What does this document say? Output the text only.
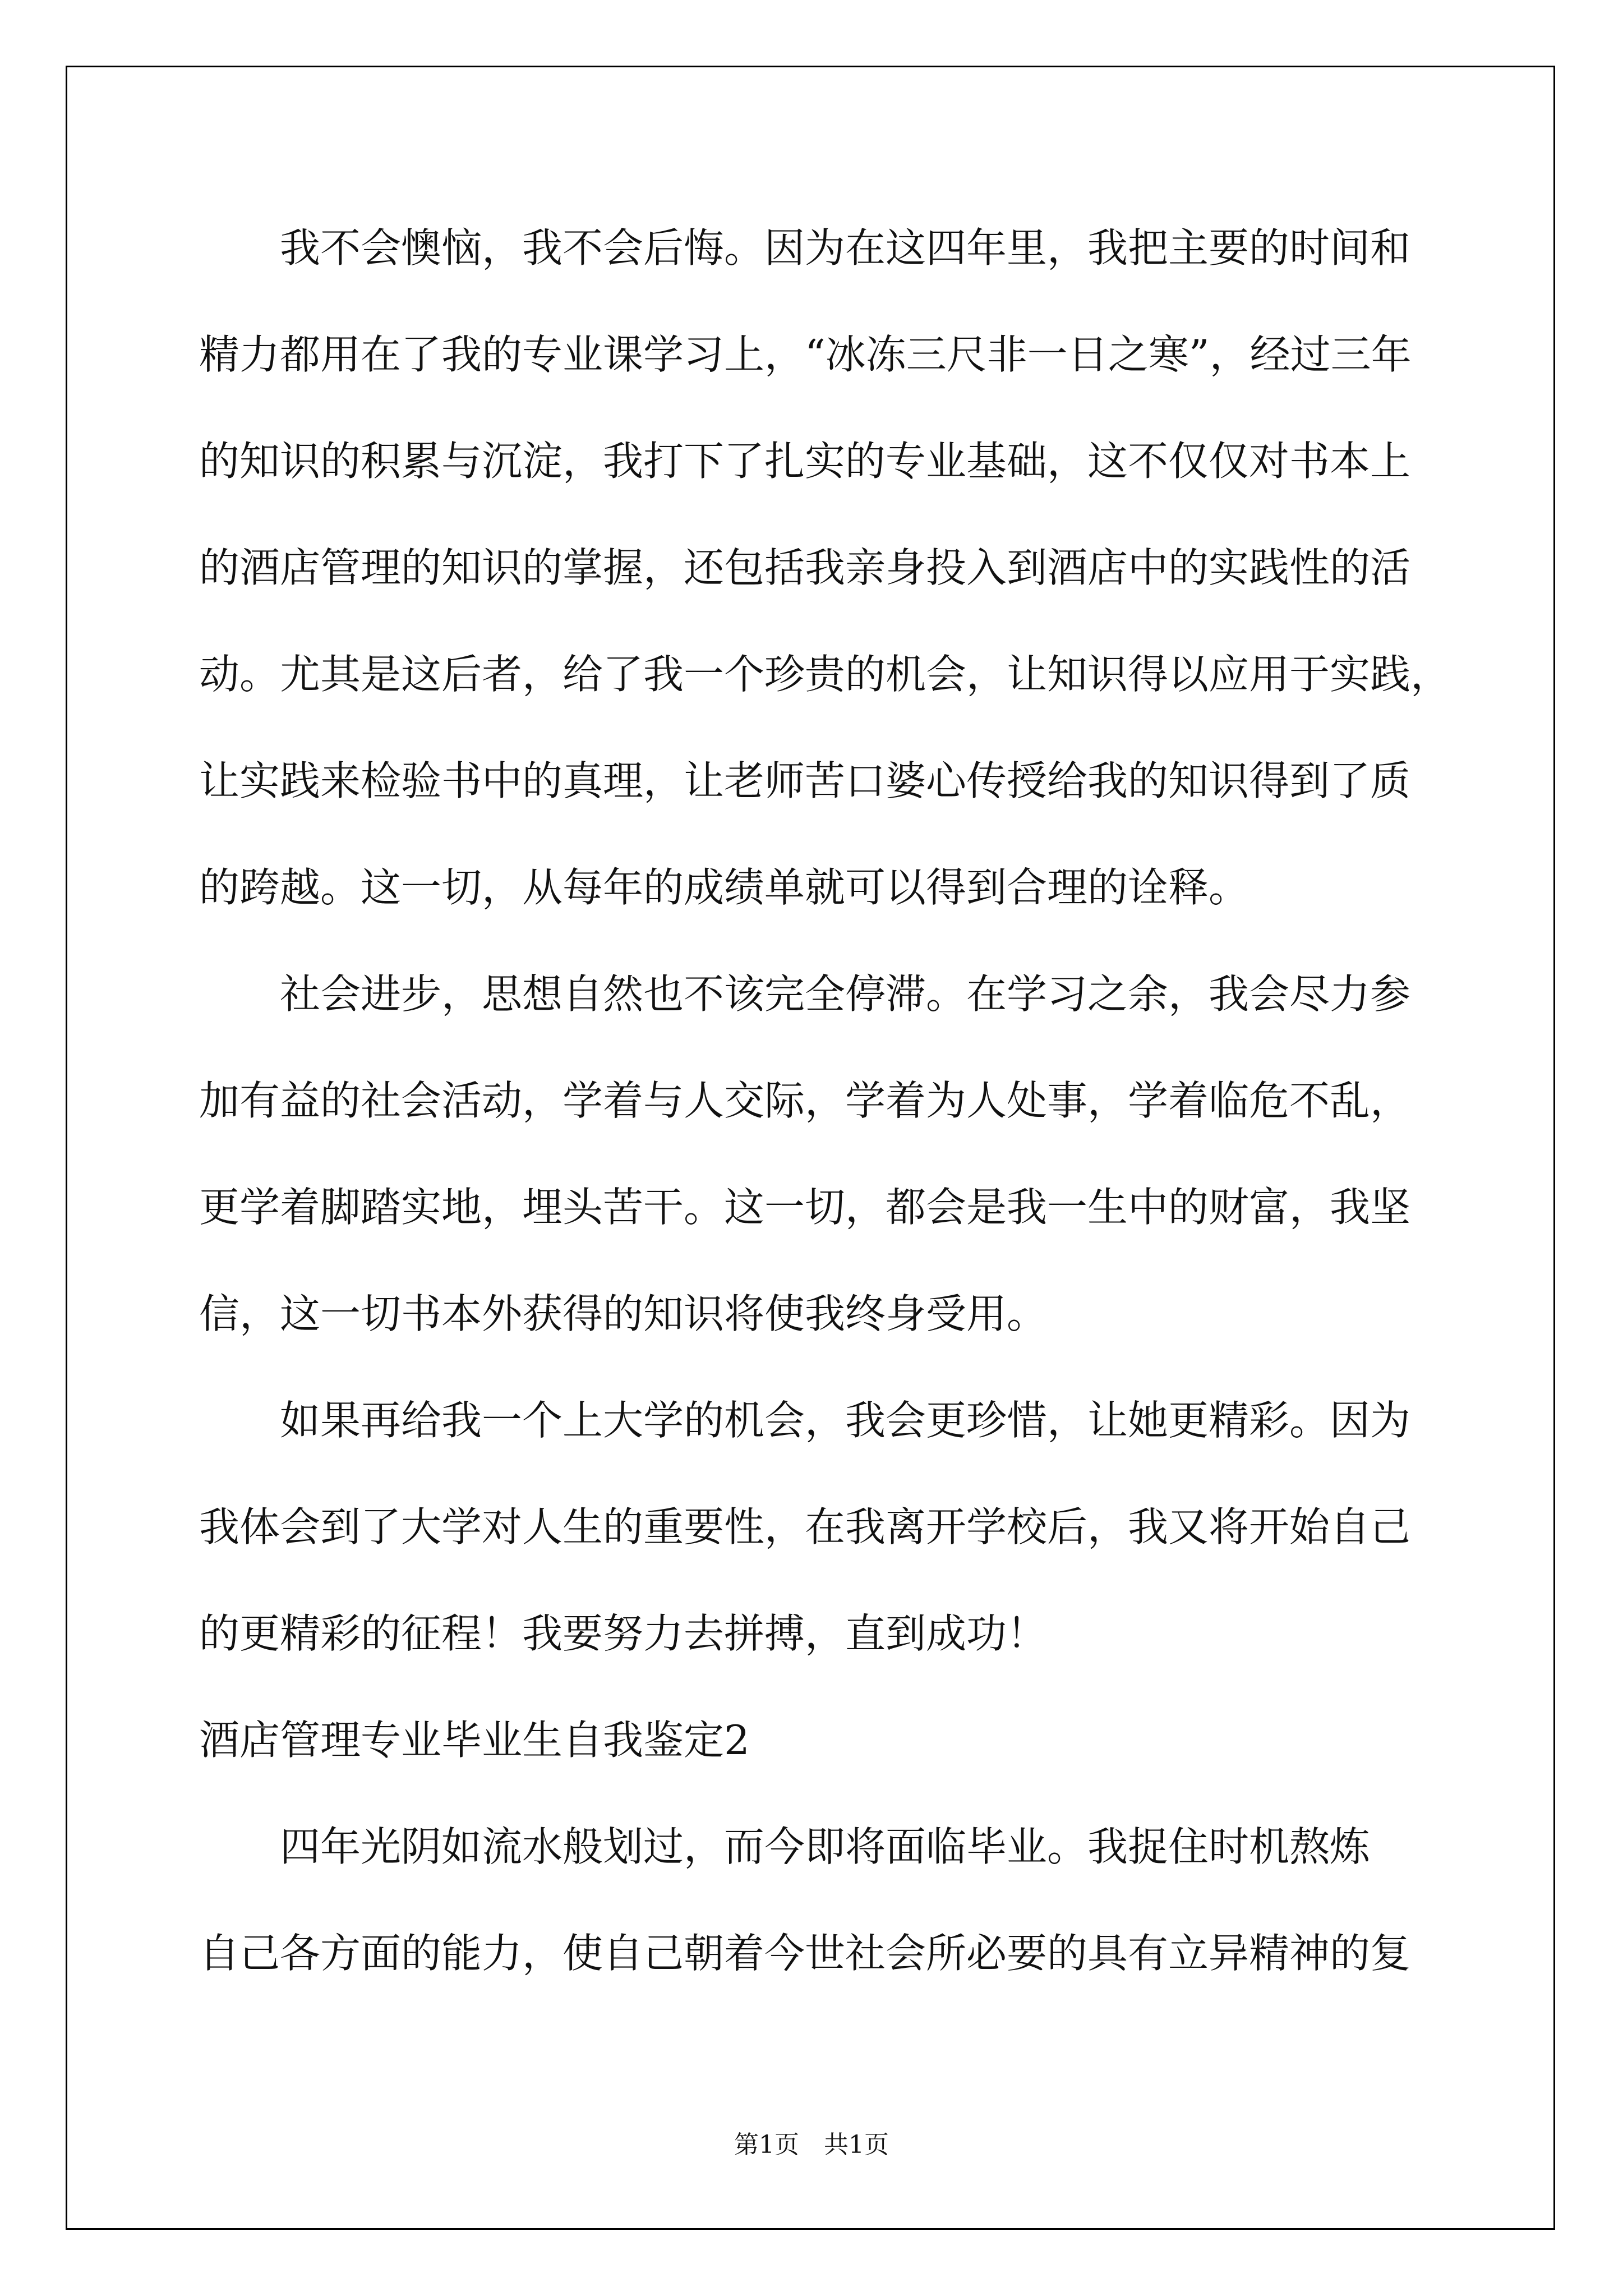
　　我不会懊恼，我不会后悔。因为在这四年里，我把主要的时间和
精力都用在了我的专业课学习上，“冰冻三尺非一日之寒”，经过三年
的知识的积累与沉淀，我打下了扎实的专业基础，这不仅仅对书本上
的酒店管理的知识的掌握，还包括我亲身投入到酒店中的实践性的活
动。尤其是这后者，给了我一个珍贵的机会，让知识得以应用于实践，
让实践来检验书中的真理，让老师苦口婆心传授给我的知识得到了质
的跨越。这一切，从每年的成绩单就可以得到合理的诠释。
　　社会进步，思想自然也不该完全停滞。在学习之余，我会尽力参
加有益的社会活动，学着与人交际，学着为人处事，学着临危不乱，
更学着脚踏实地，埋头苦干。这一切，都会是我一生中的财富，我坚
信，这一切书本外获得的知识将使我终身受用。
　　如果再给我一个上大学的机会，我会更珍惜，让她更精彩。因为
我体会到了大学对人生的重要性，在我离开学校后，我又将开始自己
的更精彩的征程！我要努力去拼搏，直到成功！
酒店管理专业毕业生自我鉴定2
　　四年光阴如流水般划过，而今即将面临毕业。我捉住时机熬炼
自己各方面的能力，使自己朝着今世社会所必要的具有立异精神的复
第1页　共1页
